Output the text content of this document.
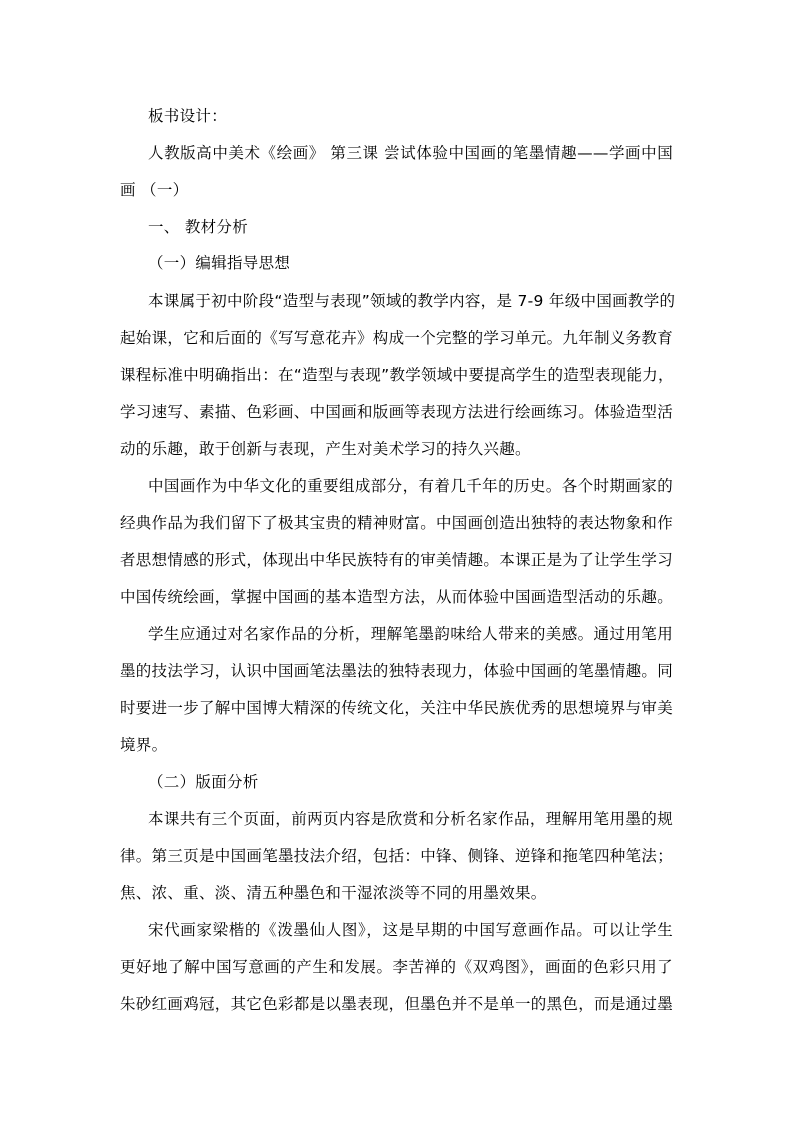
板书设计：
人教版高中美术《绘画》 第三课 尝试体验中国画的笔墨情趣——学画中国
画 （一）
一、 教材分析
（一）编辑指导思想
本课属于初中阶段“造型与表现”领域的教学内容，是 7-9 年级中国画教学的
起始课，它和后面的《写写意花卉》构成一个完整的学习单元。九年制义务教育
课程标准中明确指出：在“造型与表现”教学领域中要提高学生的造型表现能力，
学习速写、素描、色彩画、中国画和版画等表现方法进行绘画练习。体验造型活
动的乐趣，敢于创新与表现，产生对美术学习的持久兴趣。
中国画作为中华文化的重要组成部分，有着几千年的历史。各个时期画家的
经典作品为我们留下了极其宝贵的精神财富。中国画创造出独特的表达物象和作
者思想情感的形式，体现出中华民族特有的审美情趣。本课正是为了让学生学习
中国传统绘画，掌握中国画的基本造型方法，从而体验中国画造型活动的乐趣。
学生应通过对名家作品的分析，理解笔墨韵味给人带来的美感。通过用笔用
墨的技法学习，认识中国画笔法墨法的独特表现力，体验中国画的笔墨情趣。同
时要进一步了解中国博大精深的传统文化，关注中华民族优秀的思想境界与审美
境界。
（二）版面分析
本课共有三个页面，前两页内容是欣赏和分析名家作品，理解用笔用墨的规
律。第三页是中国画笔墨技法介绍，包括：中锋、侧锋、逆锋和拖笔四种笔法；
焦、浓、重、淡、清五种墨色和干湿浓淡等不同的用墨效果。
宋代画家梁楷的《泼墨仙人图》，这是早期的中国写意画作品。可以让学生
更好地了解中国写意画的产生和发展。李苦禅的《双鸡图》，画面的色彩只用了
朱砂红画鸡冠，其它色彩都是以墨表现，但墨色并不是单一的黑色，而是通过墨
